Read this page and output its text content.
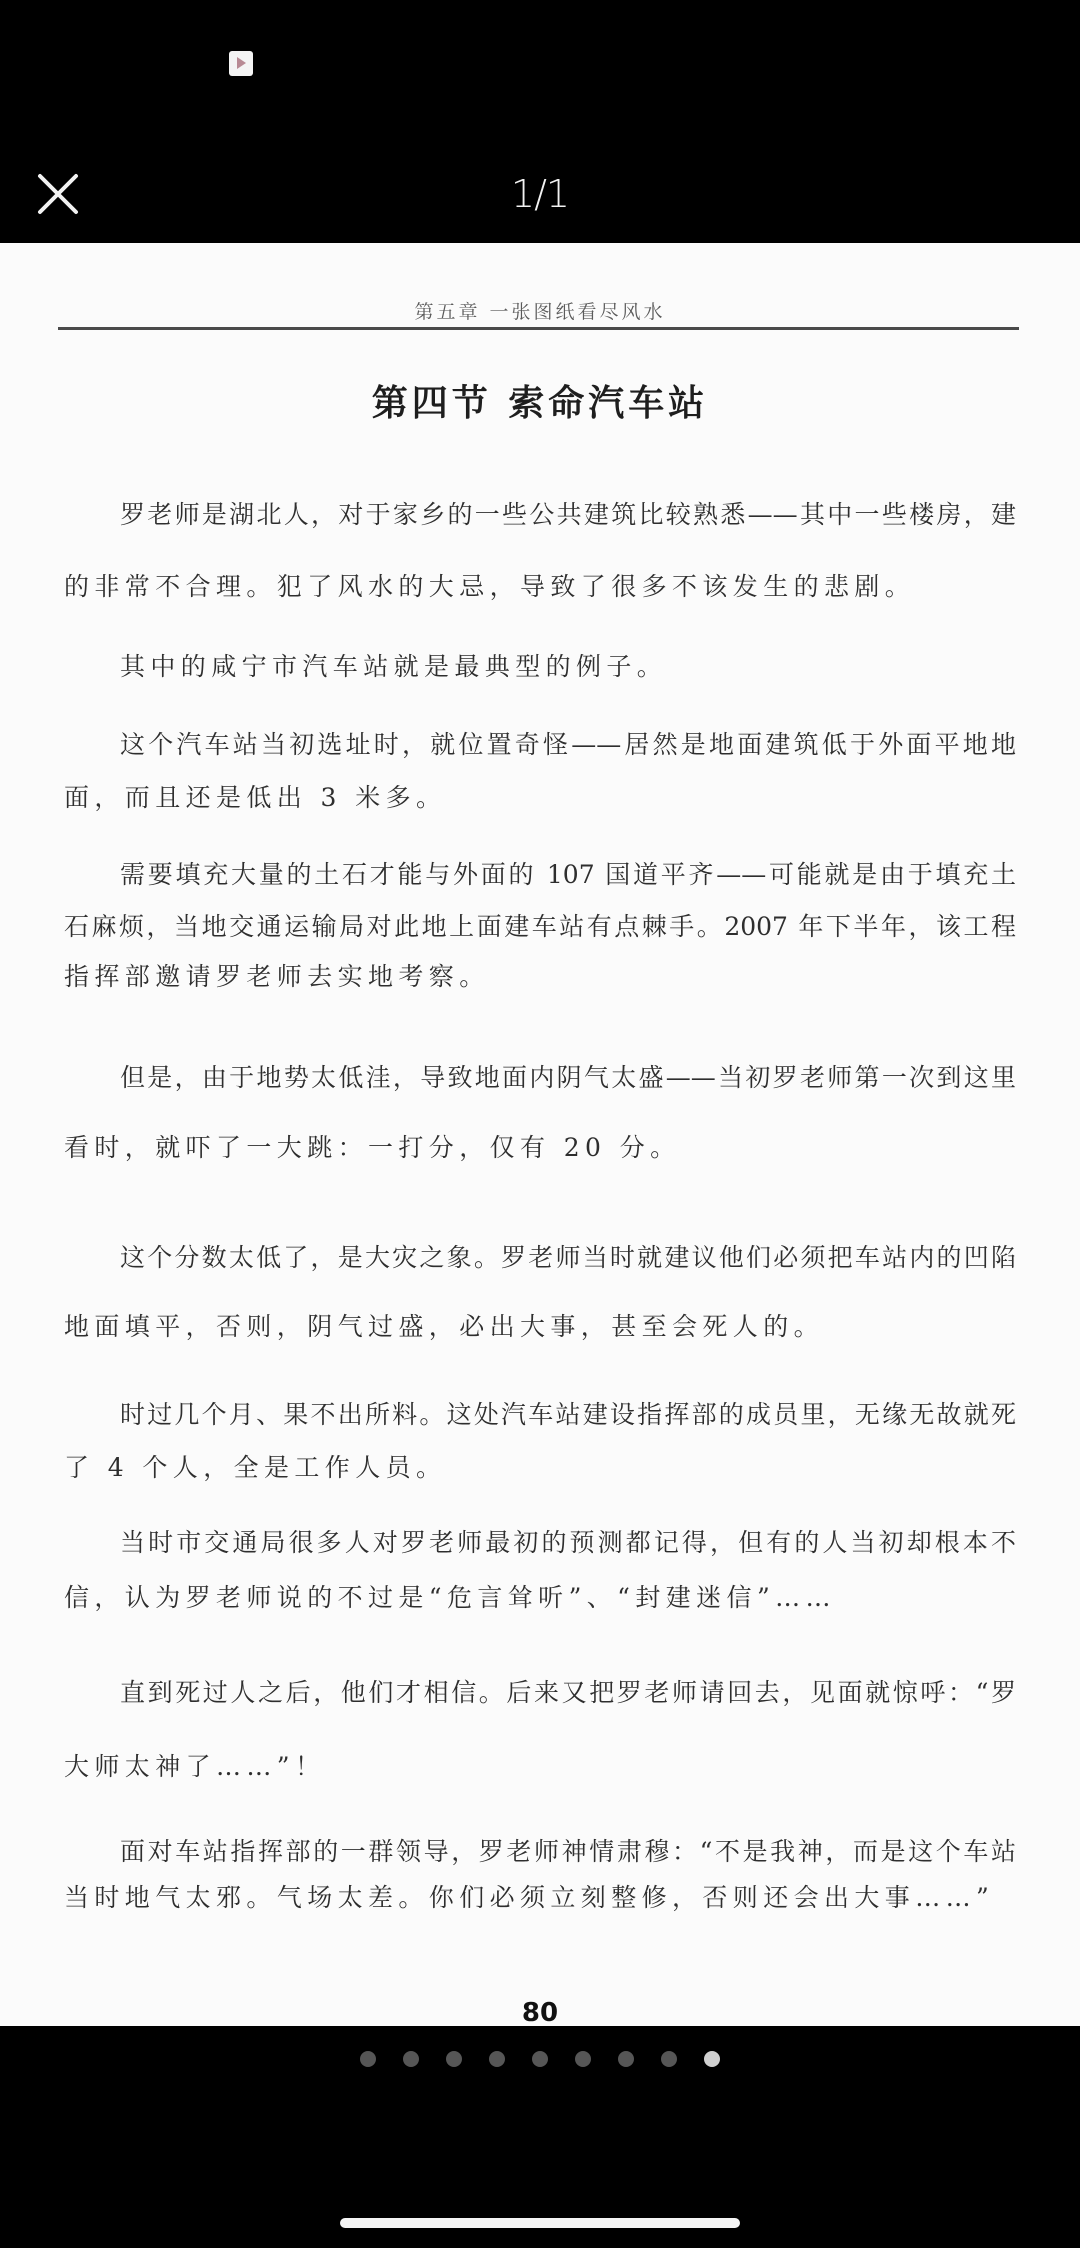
1/1
第五章 一张图纸看尽风水
第四节 索命汽车站
罗老师是湖北人，对于家乡的一些公共建筑比较熟悉——其中一些楼房，建
的非常不合理。犯了风水的大忌，导致了很多不该发生的悲剧。
其中的咸宁市汽车站就是最典型的例子。
这个汽车站当初选址时，就位置奇怪——居然是地面建筑低于外面平地地
面，而且还是低出 3 米多。
需要填充大量的土石才能与外面的 107 国道平齐——可能就是由于填充土
石麻烦，当地交通运输局对此地上面建车站有点棘手。2007 年下半年，该工程
指挥部邀请罗老师去实地考察。
但是，由于地势太低洼，导致地面内阴气太盛——当初罗老师第一次到这里
看时，就吓了一大跳：一打分，仅有 20 分。
这个分数太低了，是大灾之象。罗老师当时就建议他们必须把车站内的凹陷
地面填平，否则，阴气过盛，必出大事，甚至会死人的。
时过几个月、果不出所料。这处汽车站建设指挥部的成员里，无缘无故就死
了 4 个人，全是工作人员。
当时市交通局很多人对罗老师最初的预测都记得，但有的人当初却根本不
信，认为罗老师说的不过是“危言耸听”、“封建迷信”……
直到死过人之后，他们才相信。后来又把罗老师请回去，见面就惊呼：“罗
大师太神了……”！
面对车站指挥部的一群领导，罗老师神情肃穆：“不是我神，而是这个车站
当时地气太邪。气场太差。你们必须立刻整修，否则还会出大事……”
80
